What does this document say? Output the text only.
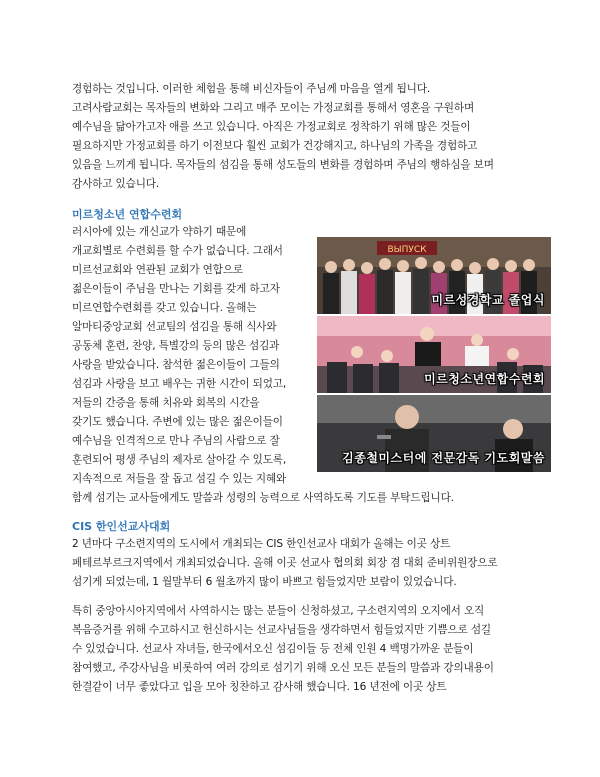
경험하는 것입니다. 이러한 체험을 통해 비신자들이 주님께 마음을 열게 됩니다.
고려사람교회는 목자들의 변화와 그리고 매주 모이는 가정교회를 통해서 영혼을 구원하며
예수님을 닮아가고자 애를 쓰고 있습니다. 아직은 가정교회로 정착하기 위해 많은 것들이
필요하지만 가정교회를 하기 이전보다 훨씬 교회가 건강해지고, 하나님의 가족을 경험하고
있음을 느끼게 됩니다. 목자들의 섬김을 통해 성도들의 변화를 경험하며 주님의 행하심을 보며
감사하고 있습니다.
미르청소년 연합수련회
러시아에 있는 개신교가 약하기 때문에
개교회별로 수련회를 할 수가 없습니다. 그래서
미르선교회와 연관된 교회가 연합으로
젊은이들이 주님을 만나는 기회를 갖게 하고자
미르연합수련회를 갖고 있습니다. 올해는
알마티중앙교회 선교팀의 섬김을 통해 식사와
공동체 훈련, 찬양, 특별강의 등의 많은 섬김과
사랑을 받았습니다. 참석한 젊은이들이 그들의
섬김과 사랑을 보고 배우는 귀한 시간이 되었고,
저들의 간증을 통해 치유와 회복의 시간을
갖기도 했습니다. 주변에 있는 많은 젊은이들이
예수님을 인격적으로 만나 주님의 사람으로 잘
훈련되어 평생 주님의 제자로 살아갈 수 있도록,
지속적으로 저들을 잘 돕고 섬길 수 있는 지혜와
함께 섬기는 교사들에게도 말씀과 성령의 능력으로 사역하도록 기도를 부탁드립니다.
ВЫПУСК
미르성경학교 졸업식
미르청소년연합수련회
김종철미스터에 전문감독 기도회말씀
CIS 한인선교사대회
2 년마다 구소련지역의 도시에서 개최되는 CIS 한인선교사 대회가 올해는 이곳 상트
페테르부르크지역에서 개최되었습니다. 올해 이곳 선교사 협의회 회장 겸 대회 준비위원장으로
섬기게 되었는데, 1 월말부터 6 월초까지 많이 바쁘고 힘들었지만 보람이 있었습니다.
특히 중앙아시아지역에서 사역하시는 많는 분들이 신청하셨고, 구소련지역의 오지에서 오직
복음증거를 위해 수고하시고 헌신하시는 선교사님들을 생각하면서 힘들었지만 기쁨으로 섬길
수 있었습니다. 선교사 자녀들, 한국에서오신 섬김이들 등 전체 인원 4 백명가까운 분들이
참여했고, 주강사님을 비롯하여 여러 강의로 섬기기 위해 오신 모든 분들의 말씀과 강의내용이
한결같이 너무 좋았다고 입을 모아 칭찬하고 감사해 했습니다. 16 년전에 이곳 상트
